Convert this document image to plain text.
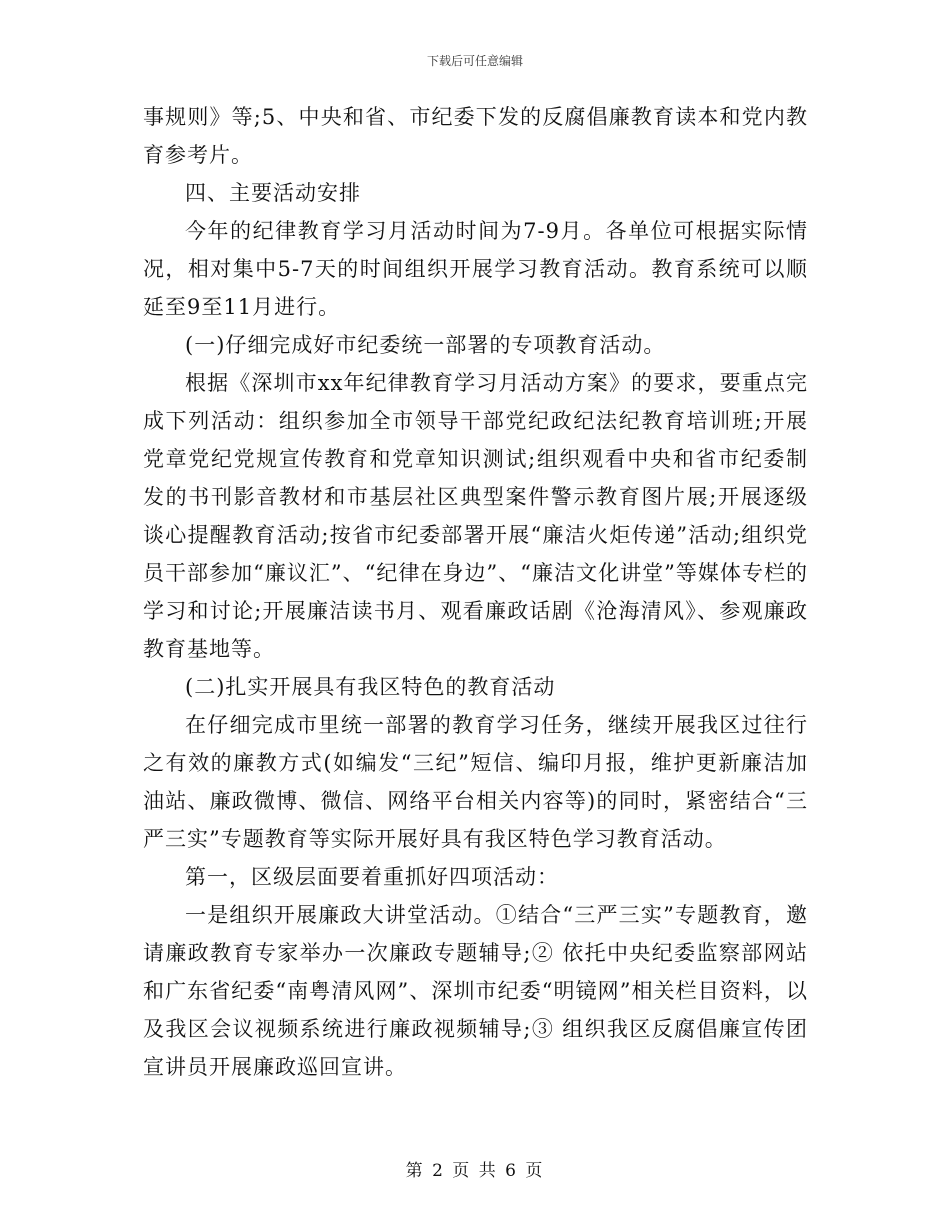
下载后可任意编辑

事规则》等;5、中央和省、市纪委下发的反腐倡廉教育读本和党内教育参考片。

四、主要活动安排

今年的纪律教育学习月活动时间为7-9月。各单位可根据实际情况，相对集中5-7天的时间组织开展学习教育活动。教育系统可以顺延至9至11月进行。

(一)仔细完成好市纪委统一部署的专项教育活动。

根据《深圳市xx年纪律教育学习月活动方案》的要求，要重点完成下列活动：组织参加全市领导干部党纪政纪法纪教育培训班;开展党章党纪党规宣传教育和党章知识测试;组织观看中央和省市纪委制发的书刊影音教材和市基层社区典型案件警示教育图片展;开展逐级谈心提醒教育活动;按省市纪委部署开展“廉洁火炬传递”活动;组织党员干部参加“廉议汇”、“纪律在身边”、“廉洁文化讲堂”等媒体专栏的学习和讨论;开展廉洁读书月、观看廉政话剧《沧海清风》、参观廉政教育基地等。

(二)扎实开展具有我区特色的教育活动

在仔细完成市里统一部署的教育学习任务，继续开展我区过往行之有效的廉教方式(如编发“三纪”短信、编印月报，维护更新廉洁加油站、廉政微博、微信、网络平台相关内容等)的同时，紧密结合“三严三实”专题教育等实际开展好具有我区特色学习教育活动。

第一，区级层面要着重抓好四项活动：

一是组织开展廉政大讲堂活动。①结合“三严三实”专题教育，邀请廉政教育专家举办一次廉政专题辅导;② 依托中央纪委监察部网站和广东省纪委“南粤清风网”、深圳市纪委“明镜网”相关栏目资料，以及我区会议视频系统进行廉政视频辅导;③ 组织我区反腐倡廉宣传团宣讲员开展廉政巡回宣讲。

第 2 页 共 6 页
